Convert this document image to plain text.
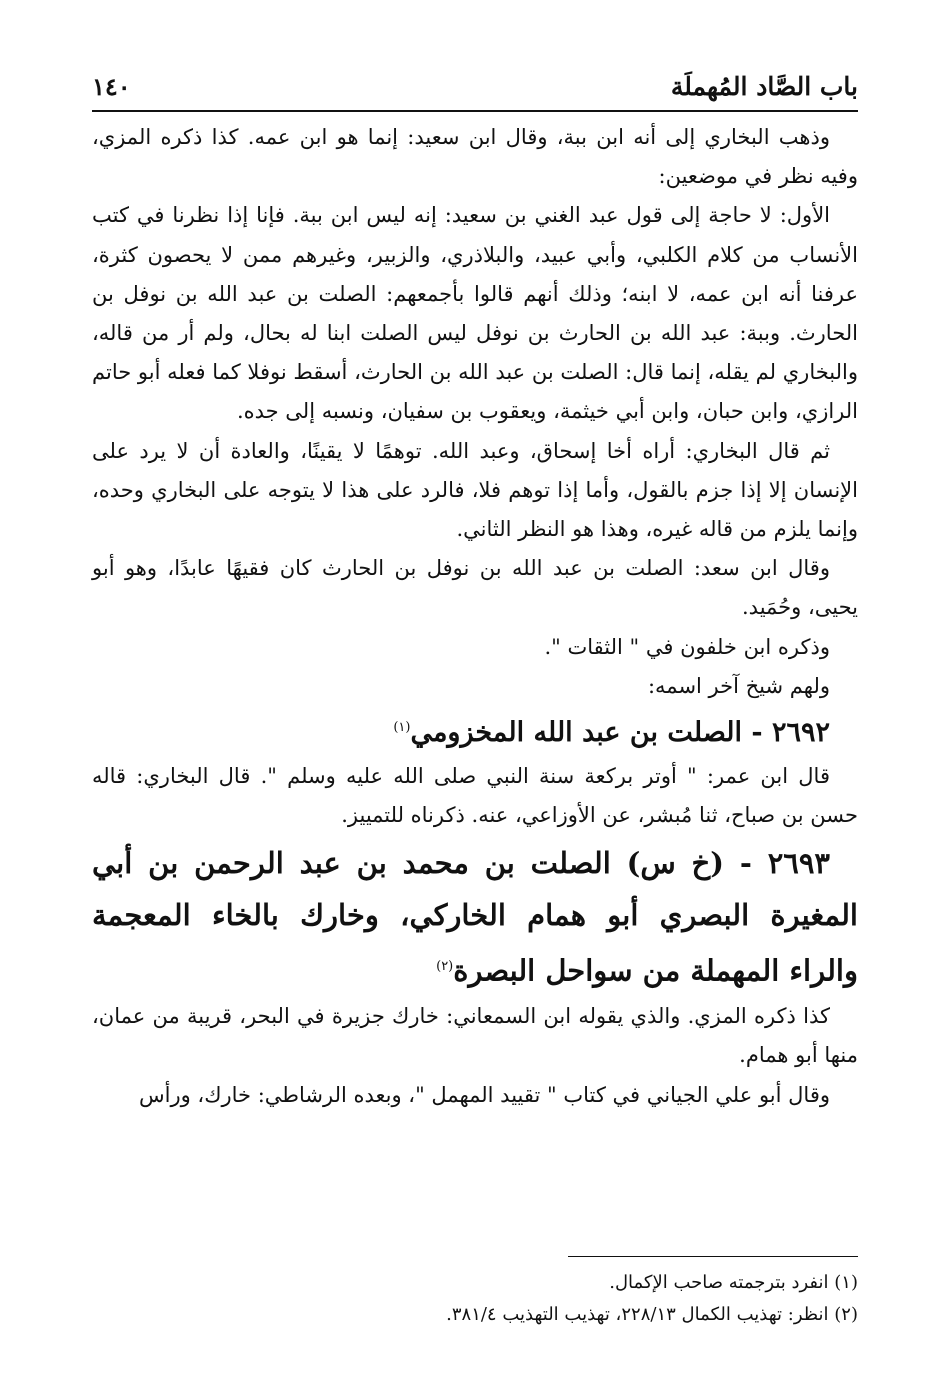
باب الصَّاد المُهملَة
١٤٠

وذهب البخاري إلى أنه ابن ببة، وقال ابن سعيد: إنما هو ابن عمه. كذا ذكره المزي، وفيه نظر في موضعين:

الأول: لا حاجة إلى قول عبد الغني بن سعيد: إنه ليس ابن ببة. فإنا إذا نظرنا في كتب الأنساب من كلام الكلبي، وأبي عبيد، والبلاذري، والزبير، وغيرهم ممن لا يحصون كثرة، عرفنا أنه ابن عمه، لا ابنه؛ وذلك أنهم قالوا بأجمعهم: الصلت بن عبد الله بن نوفل بن الحارث. وببة: عبد الله بن الحارث بن نوفل ليس الصلت ابنا له بحال، ولم أر من قاله، والبخاري لم يقله، إنما قال: الصلت بن عبد الله بن الحارث، أسقط نوفلا كما فعله أبو حاتم الرازي، وابن حبان، وابن أبي خيثمة، ويعقوب بن سفيان، ونسبه إلى جده.

ثم قال البخاري: أراه أخا إسحاق، وعبد الله. توهمًا لا يقينًا، والعادة أن لا يرد على الإنسان إلا إذا جزم بالقول، وأما إذا توهم فلا، فالرد على هذا لا يتوجه على البخاري وحده، وإنما يلزم من قاله غيره، وهذا هو النظر الثاني.

وقال ابن سعد: الصلت بن عبد الله بن نوفل بن الحارث كان فقيهًا عابدًا، وهو أبو يحيى، وحُمَيد.

وذكره ابن خلفون في " الثقات ".

ولهم شيخ آخر اسمه:

٢٦٩٢ - الصلت بن عبد الله المخزومي$^{(١)}$

قال ابن عمر: " أوتر بركعة سنة النبي صلى الله عليه وسلم ". قال البخاري: قاله حسن بن صباح، ثنا مُبشر، عن الأوزاعي، عنه. ذكرناه للتمييز.

٢٦٩٣ - (خ س) الصلت بن محمد بن عبد الرحمن بن أبي المغيرة البصري أبو همام الخاركي، وخارك بالخاء المعجمة والراء المهملة من سواحل البصرة$^{(٢)}$

كذا ذكره المزي. والذي يقوله ابن السمعاني: خارك جزيرة في البحر، قريبة من عمان، منها أبو همام.

وقال أبو علي الجياني في كتاب " تقييد المهمل "، وبعده الرشاطي: خارك، ورأس

(١) انفرد بترجمته صاحب الإكمال.

(٢) انظر: تهذيب الكمال ٢٢٨/١٣، تهذيب التهذيب ٣٨١/٤.
